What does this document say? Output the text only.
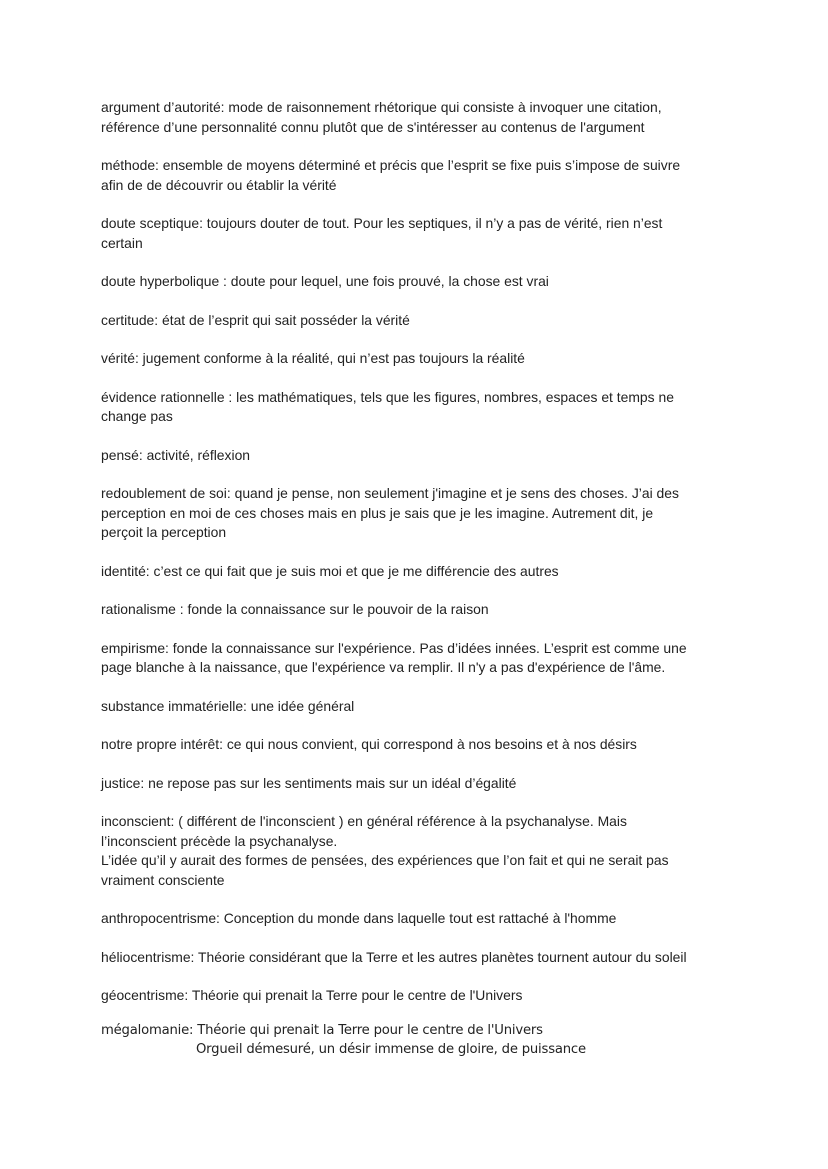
argument d’autorité: mode de raisonnement rhétorique qui consiste à invoquer une citation,
référence d’une personnalité connu plutôt que de s'intéresser au contenus de l'argument
méthode: ensemble de moyens déterminé et précis que l’esprit se fixe puis s’impose de suivre
afin de de découvrir ou établir la vérité
doute sceptique: toujours douter de tout. Pour les septiques, il n’y a pas de vérité, rien n’est
certain
doute hyperbolique : doute pour lequel, une fois prouvé, la chose est vrai
certitude: état de l’esprit qui sait posséder la vérité
vérité: jugement conforme à la réalité, qui n’est pas toujours la réalité
évidence rationnelle : les mathématiques, tels que les figures, nombres, espaces et temps ne
change pas
pensé: activité, réflexion
redoublement de soi: quand je pense, non seulement j'imagine et je sens des choses. J’ai des
perception en moi de ces choses mais en plus je sais que je les imagine. Autrement dit, je
perçoit la perception
identité: c’est ce qui fait que je suis moi et que je me différencie des autres
rationalisme : fonde la connaissance sur le pouvoir de la raison
empirisme: fonde la connaissance sur l'expérience. Pas d’idées innées. L’esprit est comme une
page blanche à la naissance, que l'expérience va remplir. Il n'y a pas d'expérience de l'âme.
substance immatérielle: une idée général
notre propre intérêt: ce qui nous convient, qui correspond à nos besoins et à nos désirs
justice: ne repose pas sur les sentiments mais sur un idéal d’égalité
inconscient: ( différent de l'inconscient ) en général référence à la psychanalyse. Mais
l’inconscient précède la psychanalyse.
L’idée qu’il y aurait des formes de pensées, des expériences que l’on fait et qui ne serait pas
vraiment consciente
anthropocentrisme: Conception du monde dans laquelle tout est rattaché à l'homme
héliocentrisme: Théorie considérant que la Terre et les autres planètes tournent autour du soleil
géocentrisme: Théorie qui prenait la Terre pour le centre de l'Univers
mégalomanie: Théorie qui prenait la Terre pour le centre de l'Univers
Orgueil démesuré, un désir immense de gloire, de puissance
